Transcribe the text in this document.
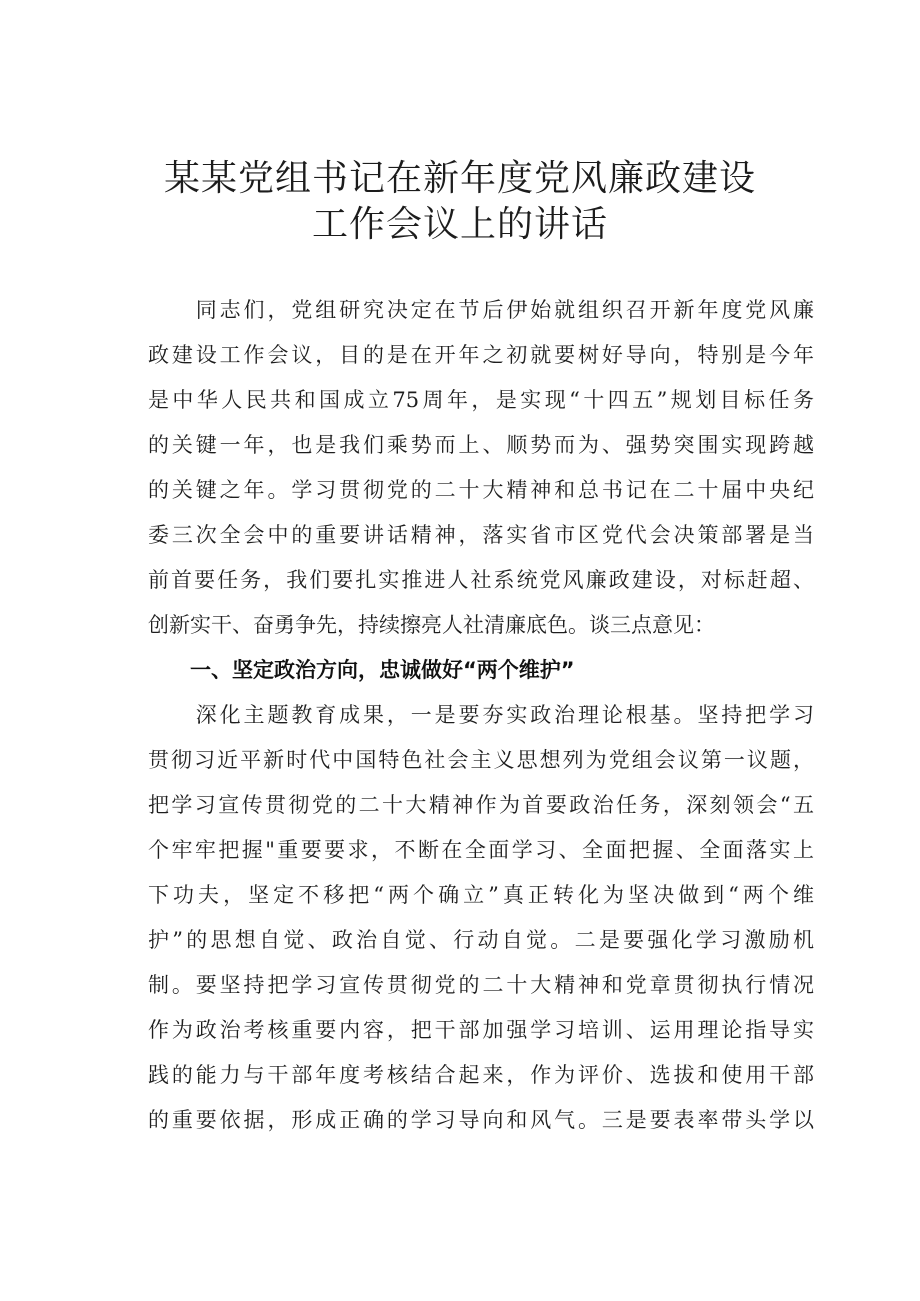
某某党组书记在新年度党风廉政建设
工作会议上的讲话
　　同志们，党组研究决定在节后伊始就组织召开新年度党风廉
政建设工作会议，目的是在开年之初就要树好导向，特别是今年
是中华人民共和国成立75周年，是实现“十四五”规划目标任务
的关键一年，也是我们乘势而上、顺势而为、强势突围实现跨越
的关键之年。学习贯彻党的二十大精神和总书记在二十届中央纪
委三次全会中的重要讲话精神，落实省市区党代会决策部署是当
前首要任务，我们要扎实推进人社系统党风廉政建设，对标赶超、
创新实干、奋勇争先，持续擦亮人社清廉底色。谈三点意见：
　　一、坚定政治方向，忠诚做好“两个维护”
　　深化主题教育成果，一是要夯实政治理论根基。坚持把学习
贯彻习近平新时代中国特色社会主义思想列为党组会议第一议题，
把学习宣传贯彻党的二十大精神作为首要政治任务，深刻领会“五
个牢牢把握"重要要求，不断在全面学习、全面把握、全面落实上
下功夫，坚定不移把“两个确立”真正转化为坚决做到“两个维
护”的思想自觉、政治自觉、行动自觉。二是要强化学习激励机
制。要坚持把学习宣传贯彻党的二十大精神和党章贯彻执行情况
作为政治考核重要内容，把干部加强学习培训、运用理论指导实
践的能力与干部年度考核结合起来，作为评价、选拔和使用干部
的重要依据，形成正确的学习导向和风气。三是要表率带头学以
